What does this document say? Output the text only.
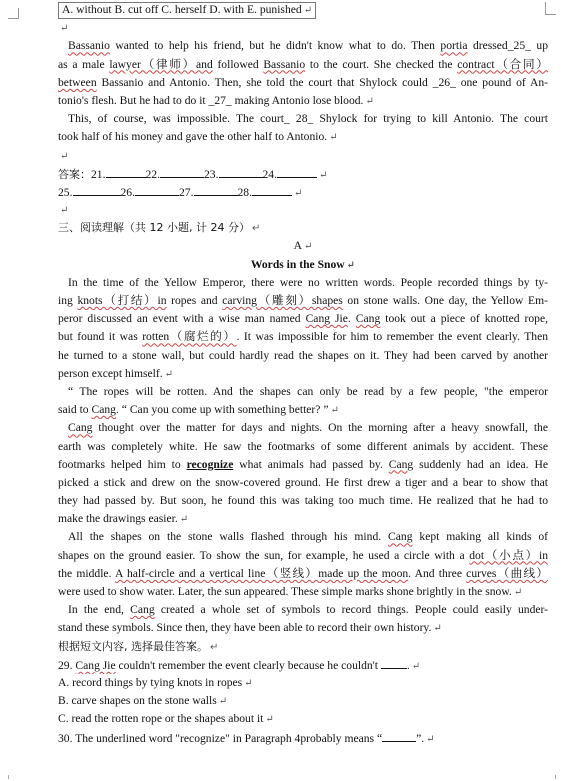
A. without B. cut off C. herself D. with E. punished ↵
↵
Bassanio wanted to help his friend, but he didn't know what to do. Then portia dressed_25_ up
as a male lawyer（律师）and followed Bassanio to the court. She checked the contract（合同）
between Bassanio and Antonio. Then, she told the court that Shylock could _26_ one pound of An-
tonio's flesh. But he had to do it _27_ making Antonio lose blood. ↵
This, of course, was impossible. The court_ 28_ Shylock for trying to kill Antonio. The court
took half of his money and gave the other half to Antonio. ↵
↵
答案：21.	22.	23.	24.	↵
25.	26.	27.	28.	↵
↵
三、阅读理解（共 12 小题, 计 24 分） ↵
A ↵
Words in the Snow ↵
In the time of the Yellow Emperor, there were no written words. People recorded things by ty-
ing knots（打结）in ropes and carving（雕刻）shapes on stone walls. One day, the Yellow Em-
peror discussed an event with a wise man named Cang Jie. Cang took out a piece of knotted rope,
but found it was rotten（腐烂的）. It was impossible for him to remember the event clearly. Then
he turned to a stone wall, but could hardly read the shapes on it. They had been carved by another
person except himself. ↵
“ The ropes will be rotten. And the shapes can only be read by a few people, "the emperor
said to Cang. “ Can you come up with something better? ” ↵
Cang thought over the matter for days and nights. On the morning after a heavy snowfall, the
earth was completely white. He saw the footmarks of some different animals by accident. These
footmarks helped him to recognize what animals had passed by. Cang suddenly had an idea. He
picked a stick and drew on the snow-covered ground. He first drew a tiger and a bear to show that
they had passed by. But soon, he found this was taking too much time. He realized that he had to
make the drawings easier. ↵
All the shapes on the stone walls flashed through his mind. Cang kept making all kinds of
shapes on the ground easier. To show the sun, for example, he used a circle with a dot（小点）in
the middle. A half-circle and a vertical line（竖线）made up the moon. And three curves（曲线）
were used to show water. Later, the sun appeared. These simple marks shone brightly in the snow. ↵
In the end, Cang created a whole set of symbols to record things. People could easily under-
stand these symbols. Since then, they have been able to record their own history. ↵
根据短文内容, 选择最佳答案。 ↵
29. Cang Jie couldn't remember the event clearly because he couldn't . ↵
A. record things by tying knots in ropes ↵
B. carve shapes on the stone walls ↵
C. read the rotten rope or the shapes about it ↵
30. The underlined word "recognize" in Paragraph 4probably means “	”. ↵
